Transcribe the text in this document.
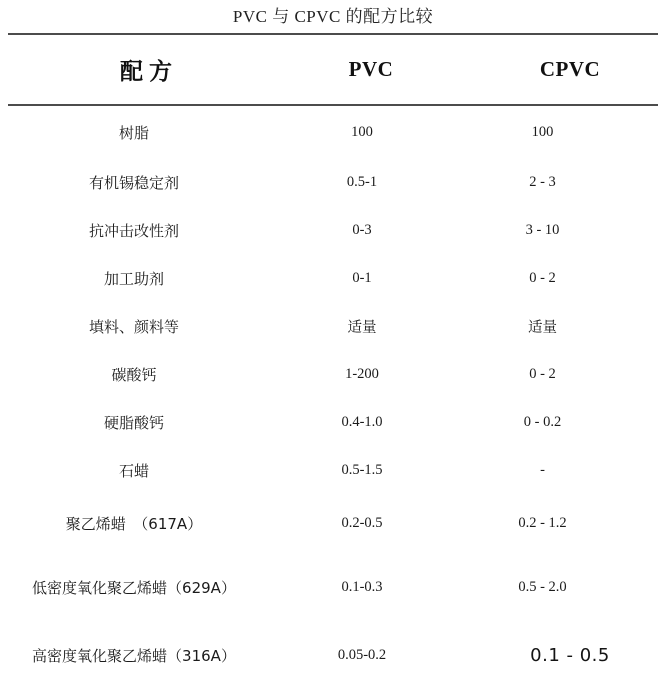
PVC 与 CPVC 的配方比较
配方	PVC	CPVC
树脂	100	100
有机锡稳定剂	0.5-1	2 - 3
抗冲击改性剂	0-3	3 - 10
加工助剂	0-1	0 - 2
填料、颜料等	适量	适量
碳酸钙	1-200	0 - 2
硬脂酸钙	0.4-1.0	0 - 0.2
石蜡	0.5-1.5	-
聚乙烯蜡　（617A）	0.2-0.5	0.2 - 1.2
低密度氧化聚乙烯蜡（629A）	0.1-0.3	0.5 - 2.0
高密度氧化聚乙烯蜡（316A）	0.05-0.2	0.1 - 0.5
